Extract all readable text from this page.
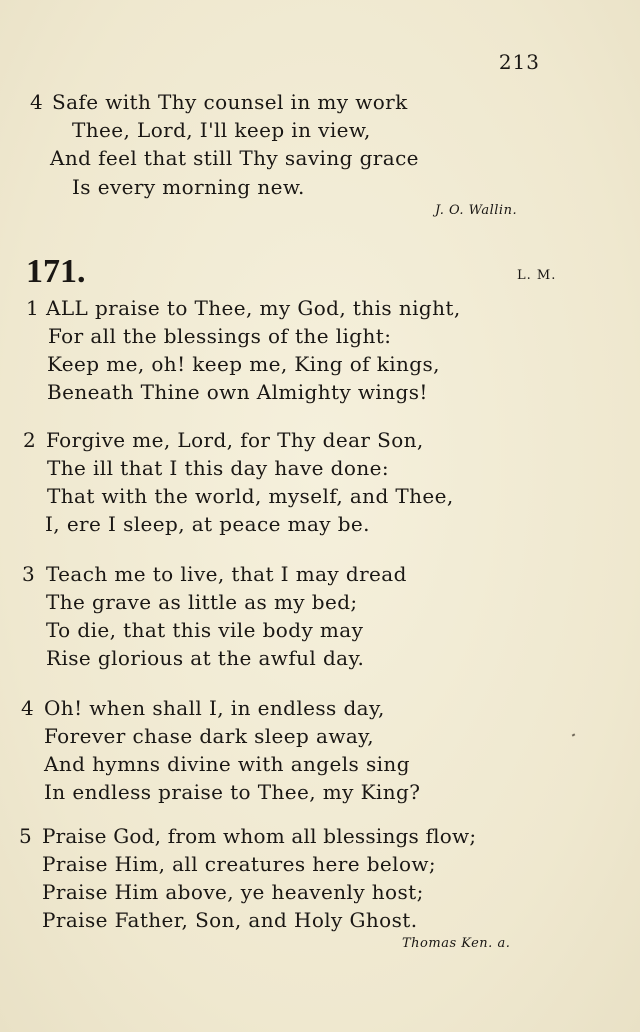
213
4 Safe with Thy counsel in my work
Thee, Lord, I'll keep in view,
And feel that still Thy saving grace
Is every morning new.
J. O. Wallin.
171.	L. M.
1 ALL praise to Thee, my God, this night,
For all the blessings of the light:
Keep me, oh! keep me, King of kings,
Beneath Thine own Almighty wings!
2 Forgive me, Lord, for Thy dear Son,
The ill that I this day have done:
That with the world, myself, and Thee,
I, ere I sleep, at peace may be.
3 Teach me to live, that I may dread
The grave as little as my bed;
To die, that this vile body may
Rise glorious at the awful day.
4 Oh! when shall I, in endless day,
Forever chase dark sleep away,
And hymns divine with angels sing
In endless praise to Thee, my King?
5 Praise God, from whom all blessings flow;
Praise Him, all creatures here below;
Praise Him above, ye heavenly host;
Praise Father, Son, and Holy Ghost.
Thomas Ken. a.
